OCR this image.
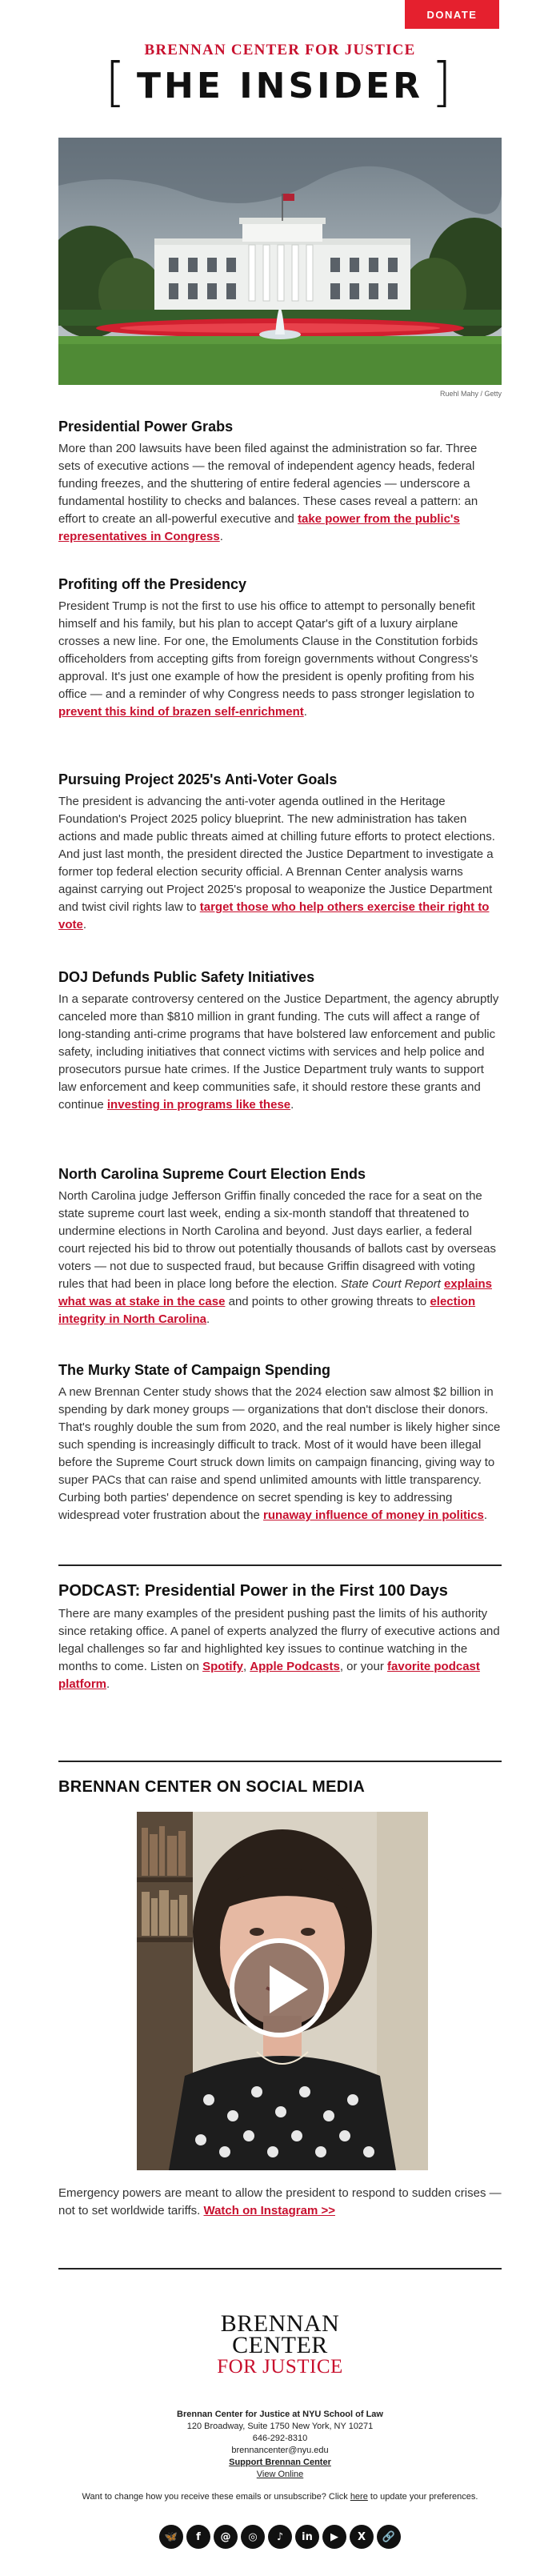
DONATE
BRENNAN CENTER FOR JUSTICE
[ THE INSIDER ]
Ruehl Mahy / Getty
Presidential Power Grabs

More than 200 lawsuits have been filed against the administration so far. Three sets of executive actions — the removal of independent agency heads, federal funding freezes, and the shuttering of entire federal agencies — underscore a fundamental hostility to checks and balances. These cases reveal a pattern: an effort to create an all-powerful executive and take power from the public's representatives in Congress.

Profiting off the Presidency

President Trump is not the first to use his office to attempt to personally benefit himself and his family, but his plan to accept Qatar's gift of a luxury airplane crosses a new line. For one, the Emoluments Clause in the Constitution forbids officeholders from accepting gifts from foreign governments without Congress's approval. It's just one example of how the president is openly profiting from his office — and a reminder of why Congress needs to pass stronger legislation to prevent this kind of brazen self-enrichment.

Pursuing Project 2025's Anti-Voter Goals

The president is advancing the anti-voter agenda outlined in the Heritage Foundation's Project 2025 policy blueprint. The new administration has taken actions and made public threats aimed at chilling future efforts to protect elections. And just last month, the president directed the Justice Department to investigate a former top federal election security official. A Brennan Center analysis warns against carrying out Project 2025's proposal to weaponize the Justice Department and twist civil rights law to target those who help others exercise their right to vote.

DOJ Defunds Public Safety Initiatives

In a separate controversy centered on the Justice Department, the agency abruptly canceled more than $810 million in grant funding. The cuts will affect a range of long-standing anti-crime programs that have bolstered law enforcement and public safety, including initiatives that connect victims with services and help police and prosecutors pursue hate crimes. If the Justice Department truly wants to support law enforcement and keep communities safe, it should restore these grants and continue investing in programs like these.

North Carolina Supreme Court Election Ends

North Carolina judge Jefferson Griffin finally conceded the race for a seat on the state supreme court last week, ending a six-month standoff that threatened to undermine elections in North Carolina and beyond. Just days earlier, a federal court rejected his bid to throw out potentially thousands of ballots cast by overseas voters — not due to suspected fraud, but because Griffin disagreed with voting rules that had been in place long before the election. State Court Report explains what was at stake in the case and points to other growing threats to election integrity in North Carolina.

The Murky State of Campaign Spending

A new Brennan Center study shows that the 2024 election saw almost $2 billion in spending by dark money groups — organizations that don't disclose their donors. That's roughly double the sum from 2020, and the real number is likely higher since such spending is increasingly difficult to track. Most of it would have been illegal before the Supreme Court struck down limits on campaign financing, giving way to super PACs that can raise and spend unlimited amounts with little transparency. Curbing both parties' dependence on secret spending is key to addressing widespread voter frustration about the runaway influence of money in politics.

PODCAST: Presidential Power in the First 100 Days

There are many examples of the president pushing past the limits of his authority since retaking office. A panel of experts analyzed the flurry of executive actions and legal challenges so far and highlighted key issues to continue watching in the months to come. Listen on Spotify, Apple Podcasts, or your favorite podcast platform.

BRENNAN CENTER ON SOCIAL MEDIA

Emergency powers are meant to allow the president to respond to sudden crises — not to set worldwide tariffs. Watch on Instagram >>

BRENNAN
CENTER
FOR JUSTICE
Brennan Center for Justice at NYU School of Law
120 Broadway, Suite 1750 New York, NY 10271
646-292-8310
brennancenter@nyu.edu
Support Brennan Center
View Online
Want to change how you receive these emails or unsubscribe? Click here to update your preferences.
🦋	f	@	◎	♪	in	▶	X	🔗
